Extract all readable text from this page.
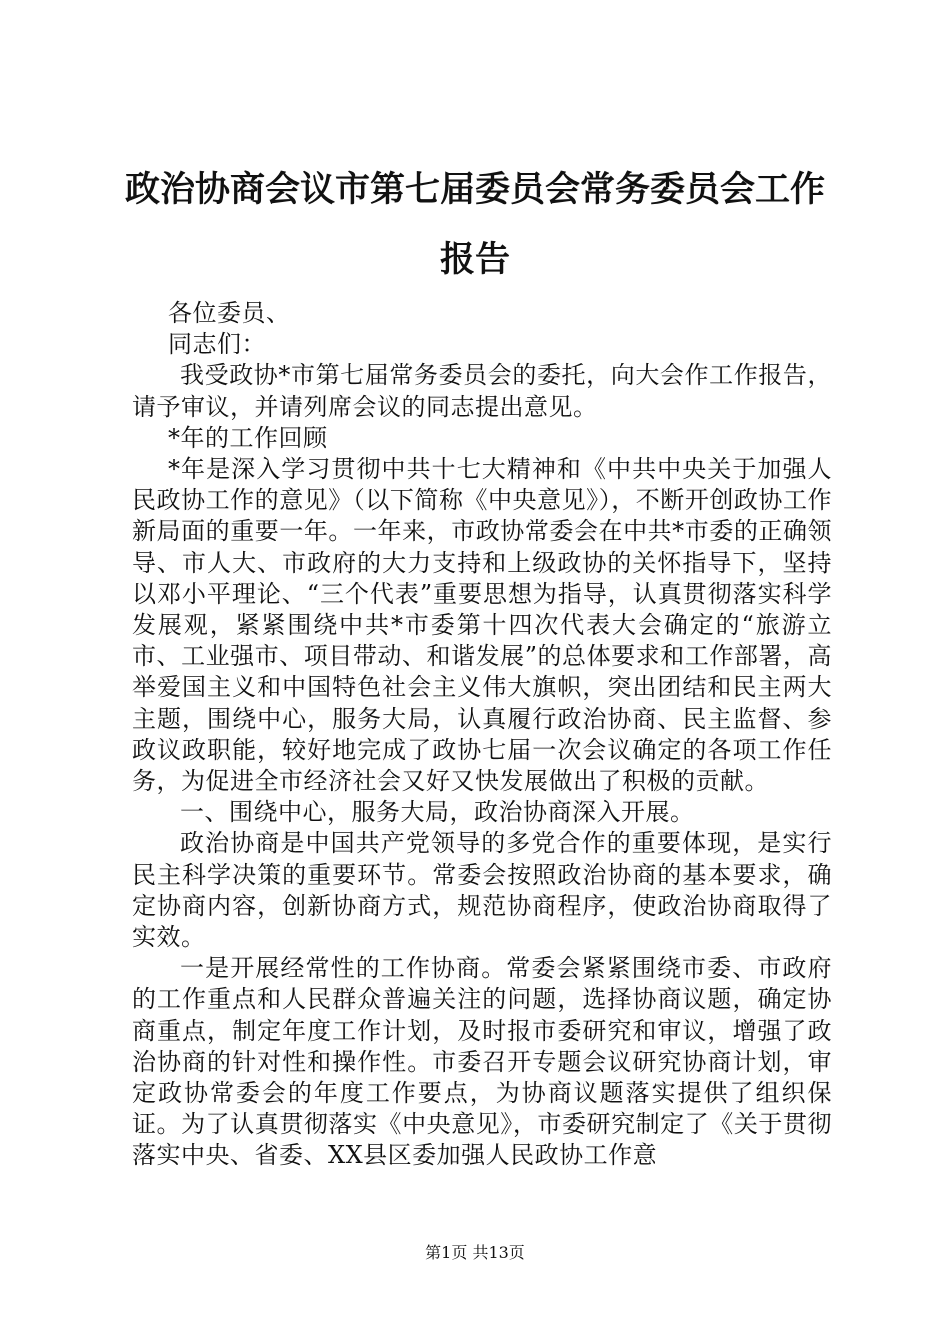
政治协商会议市第七届委员会常务委员会工作报告

各位委员、

同志们：

我受政协*市第七届常务委员会的委托，向大会作工作报告，请予审议，并请列席会议的同志提出意见。

*年的工作回顾

*年是深入学习贯彻中共十七大精神和《中共中央关于加强人民政协工作的意见》（以下简称《中央意见》），不断开创政协工作新局面的重要一年。一年来，市政协常委会在中共*市委的正确领导、市人大、市政府的大力支持和上级政协的关怀指导下，坚持以邓小平理论、“三个代表”重要思想为指导，认真贯彻落实科学发展观，紧紧围绕中共*市委第十四次代表大会确定的“旅游立市、工业强市、项目带动、和谐发展”的总体要求和工作部署，高举爱国主义和中国特色社会主义伟大旗帜，突出团结和民主两大主题，围绕中心，服务大局，认真履行政治协商、民主监督、参政议政职能，较好地完成了政协七届一次会议确定的各项工作任务，为促进全市经济社会又好又快发展做出了积极的贡献。

一、围绕中心，服务大局，政治协商深入开展。

政治协商是中国共产党领导的多党合作的重要体现，是实行民主科学决策的重要环节。常委会按照政治协商的基本要求，确定协商内容，创新协商方式，规范协商程序，使政治协商取得了实效。

一是开展经常性的工作协商。常委会紧紧围绕市委、市政府的工作重点和人民群众普遍关注的问题，选择协商议题，确定协商重点，制定年度工作计划，及时报市委研究和审议，增强了政治协商的针对性和操作性。市委召开专题会议研究协商计划，审定政协常委会的年度工作要点，为协商议题落实提供了组织保证。为了认真贯彻落实《中央意见》，市委研究制定了《关于贯彻落实中央、省委、XX县区委加强人民政协工作意

第1页 共13页
